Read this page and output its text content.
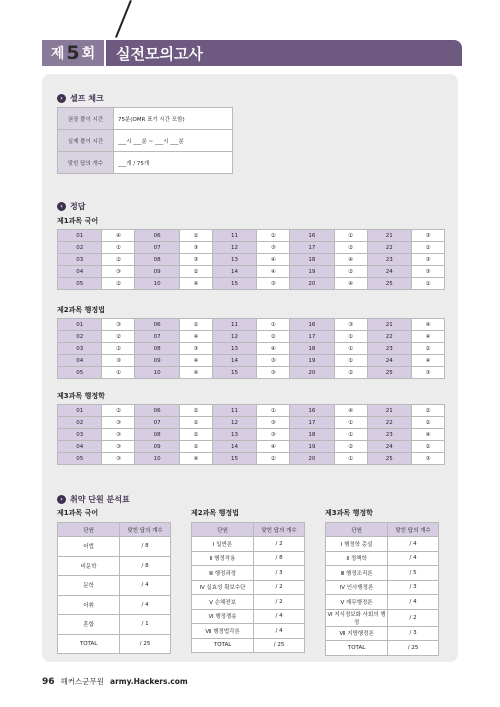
제 5 회 실전모의고사
› 셀프 체크
권장 풀이 시간	75분(OMR 표기 시간 포함)
실제 풀이 시간	___시 ___분 ~ ___시 ___분
맞힌 답의 개수	___개 / 75개
› 정답
제1과목 국어
01	④	06	①	11	②	16	①	21	③
02	①	07	③	12	③	17	②	22	①
03	②	08	③	13	④	18	④	23	③
04	③	09	②	14	④	19	②	24	③
05	②	10	④	15	③	20	④	25	①
제2과목 행정법
01	③	06	①	11	①	16	③	21	④
02	②	07	④	12	②	17	①	22	④
03	②	08	③	13	④	18	①	23	②
04	③	09	④	14	③	19	①	24	④
05	①	10	④	15	③	20	②	25	③
제3과목 행정학
01	②	06	②	11	①	16	④	21	②
02	③	07	①	12	③	17	①	22	②
03	③	08	②	13	③	18	①	23	④
04	③	09	①	14	④	19	②	24	②
05	③	10	④	15	②	20	①	25	③
› 취약 단원 분석표
제1과목 국어
단원	맞힌 답의 개수
어법	/ 8
비문학	/ 8
문학	/ 4
어휘	/ 4
혼합	/ 1
TOTAL	/ 25
제2과목 행정법
단원	맞힌 답의 개수
Ⅰ 일반론	/ 2
Ⅱ 행정작용	/ 8
Ⅲ 행정과정	/ 3
Ⅳ 실효성 확보수단	/ 2
Ⅴ 손해전보	/ 2
Ⅵ 행정쟁송	/ 4
Ⅶ 행정법각론	/ 4
TOTAL	/ 25
제3과목 행정학
단원	맞힌 답의 개수
Ⅰ 행정학 총설	/ 4
Ⅱ 정책학	/ 4
Ⅲ 행정조직론	/ 5
Ⅳ 인사행정론	/ 3
Ⅴ 재무행정론	/ 4
Ⅵ 지식정보화 사회의 행정	/ 2
Ⅶ 지방행정론	/ 3
TOTAL	/ 25
96 해커스군무원 army.Hackers.com
